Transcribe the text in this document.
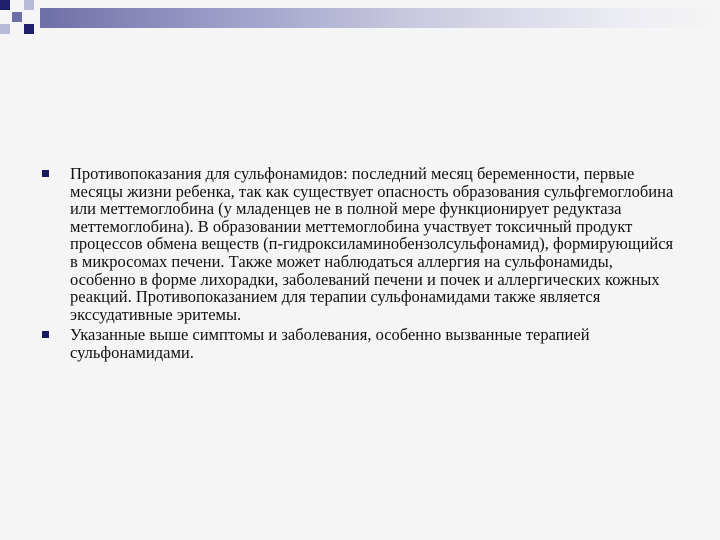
Противопоказания для сульфонамидов: последний месяц беременности, первые месяцы жизни ребенка, так как существует опасность образования сульфгемоглобина или меттемоглобина (у младенцев не в полной мере функционирует редуктаза меттемоглобина). В образовании меттемоглобина участвует токсичный продукт процессов обмена веществ (п-гидроксиламинобензолсульфонамид), формирующийся в микросомах печени. Также может наблюдаться аллергия на сульфонамиды, особенно в форме лихорадки, заболеваний печени и почек и аллергических кожных реакций. Противопоказанием для терапии сульфонамидами также является экссудативные эритемы.
Указанные выше симптомы и заболевания, особенно вызванные терапией сульфонамидами.
